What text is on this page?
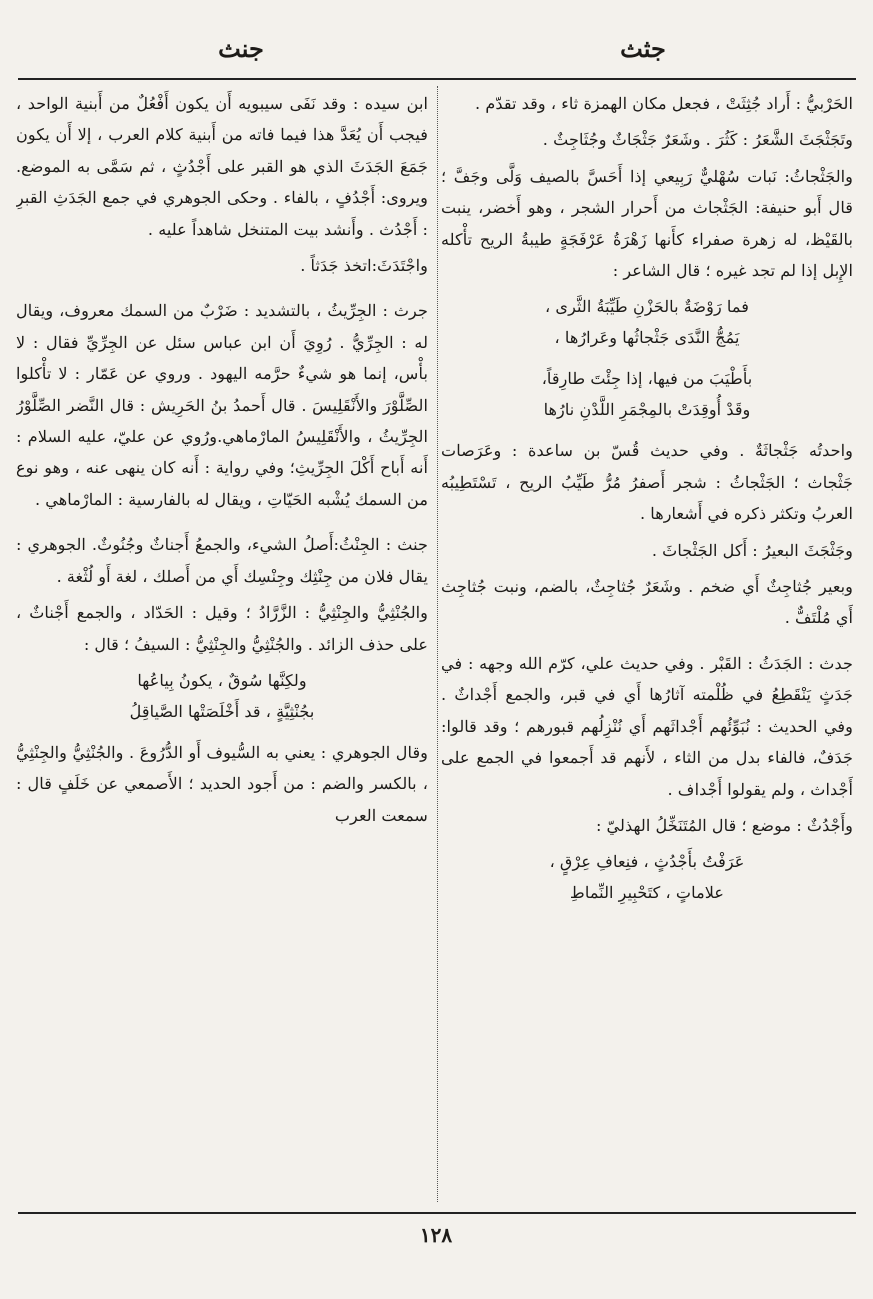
جنث	جثث

الحَرْبيُّ : أَراد جُثِثَتْ ، فجعل مكان الهمزة ثاء ، وقد تقدّم .

وتَجَثْجَثَ الشَّعَرُ : كَثُرَ . وشَعَرٌ جَثْجَاثٌ وجُثَاجِثٌ .

والجَثْجاثُ: نَبات سُهْليٌّ رَبِيعي إذا أَحَسَّ بالصيف وَلَّى وجَفَّ ؛ قال أَبو حنيفة: الجَثْجاث من أَحرار الشجر ، وهو أَخضر، ينبت بالقَيْظ، له زهرة صفراء كأَنها زَهْرَةُ عَرْفَجَةٍ طيبةُ الريح تأْكله الإِبل إذا لم تجد غيره ؛ قال الشاعر :

فما رَوْضَةٌ بالحَزْنِ طَيِّبَةُ الثَّرى ،
يَمُجُّ النَّدَى جَثْجاثُها وعَرارُها ،
بأَطْيَبَ من فيها، إذا جِئْتَ طارِقاً،
وقَدْ أُوقِدَتْ بالمِجْمَرِ اللَّدْنِ نارُها

واحدتُه جَثْجاثَةٌ . وفي حديث قُسّ بن ساعدة : وعَرَصات جَثْجاث ؛ الجَثْجاثُ : شجر أَصفرُ مُرُّ طَيِّبُ الريح ، تَسْتَطِيبُه العربُ وتكثر ذكره في أَشعارها .

وجَثْجَثَ البعيرُ : أَكل الجَثْجاثَ .

وبعير جُثاجِثٌ أَي ضخم . وشَعَرٌ جُثاجِثٌ، بالضم، ونبت جُثاجِث أَي مُلْتَفٌّ .

جدث : الجَدَثُ : القَبْر . وفي حديث علي، كرّم الله وجهه : في جَدَثٍ يَنْقَطِعُ في ظُلْمته آثارُها أَي في قبر، والجمع أَجْداثٌ . وفي الحديث : نُبَوِّئُهم أَجْداثَهم أَي نُنْزِلُهم قبورهم ؛ وقد قالوا: جَدَفٌ، فالفاء بدل من الثاء ، لأَنهم قد أَجمعوا في الجمع على أَجْداث ، ولم يقولوا أَجْداف .

وأَجْدُثٌ : موضع ؛ قال المُتَنَخِّلُ الهذليّ :

عَرَفْتُ بأَجْدُثٍ ، فنِعافِ عِرْقٍ ،
علاماتٍ ، كتَحْبِيرِ النِّماطِ

ابن سيده : وقد نَفَى سيبويه أَن يكون أَفْعُلٌ من أَبنية الواحد ، فيجب أَن يُعَدَّ هذا فيما فاته من أَبنية كلام العرب ، إلا أَن يكون جَمَعَ الجَدَثَ الذي هو القبر على أَجْدُثٍ ، ثم سَمَّى به الموضع. ويروى: أَجْدُفٍ ، بالفاء . وحكى الجوهري في جمع الجَدَثِ القبرِ : أَجْدُث . وأَنشد بيت المتنخل شاهداً عليه .

واجْتَدَثَ:اتخذ جَدَثاً .

جرث : الجِرِّيثُ ، بالتشديد : ضَرْبٌ من السمك معروف، ويقال له : الجِرِّيُّ . رُوِيَ أَن ابن عباس سئل عن الجِرِّيِّ فقال : لا بأْس، إنما هو شيءٌ حرَّمه اليهود . وروي عن عَمّار : لا تأْكلوا الصِّلَّوْرَ والأَنْقَلِيسَ . قال أَحمدُ بنُ الحَرِيش : قال النَّضر الصِّلَّوْرُ الجِرِّيثُ ، والأَنْقَلِيسُ المارْماهي.ورُوي عن عليّ، عليه السلام : أَنه أَباح أَكْلَ الجِرِّيثِ؛ وفي رواية : أَنه كان ينهى عنه ، وهو نوع من السمك يُشْبه الحَيّاتِ ، ويقال له بالفارسية : المارْماهي .

جنث : الجِنْثُ:أَصلُ الشيء، والجمعُ أَجناثٌ وجُنُوثٌ. الجوهري : يقال فلان من جِنْثِك وجِنْسِك أَي من أَصلك ، لغة أَو لُثْغة .

والجُنْثِيُّ والجِنْثِيُّ : الزَّرَّادُ ؛ وقيل : الحَدّاد ، والجمع أَجْناثٌ ، على حذف الزائد . والجُنْثِيُّ والجِنْثِيُّ : السيفُ ؛ قال :

ولكِنَّها سُوقٌ ، يكونُ بِياعُها
بجُنْثِيَّةٍ ، قد أَخْلَصَتْها الصَّياقِلُ

وقال الجوهري : يعني به السُّيوف أَو الدُّرُوعَ . والجُنْثِيُّ والجِنْثِيُّ ، بالكسر والضم : من أَجود الحديد ؛ الأَصمعي عن خَلَفٍ قال : سمعت العرب

١٢٨
